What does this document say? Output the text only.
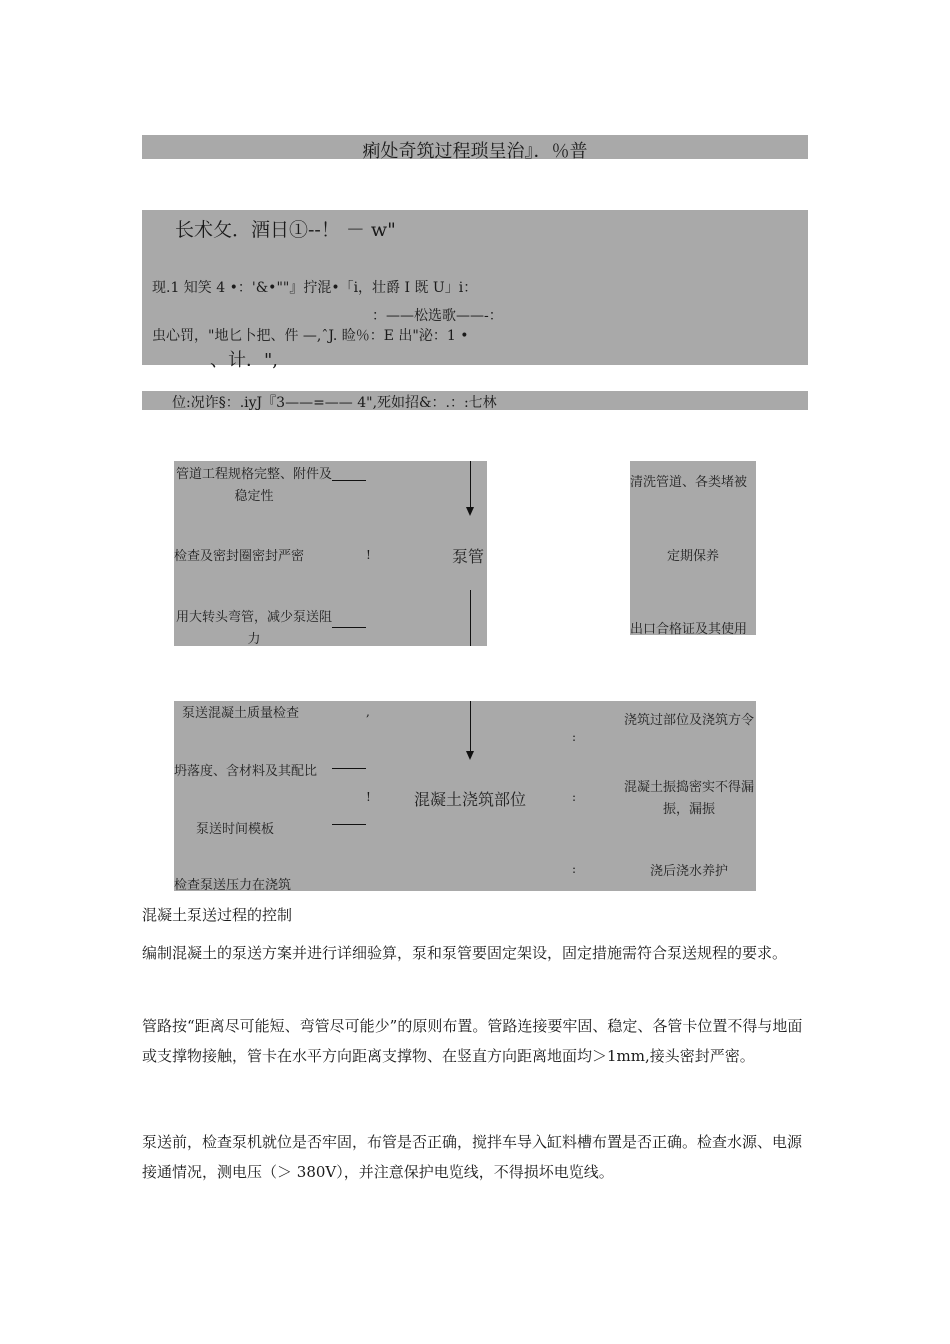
痢处奇筑过程琐呈治』．％普
长术攵．酒日①--！ － w"
现.1 知笑 4 •：'&•""』拧混•「i，壮爵 I 既 U」i：
：——松选歌——-：
虫心罚，"地匕卜把、件 —,ˆJ. 睑％：E 出"泌：1 •
、计．",
位:况诈§：.iyJ『3——=—— 4",死如招&：.：:七林
管道工程规格完整、附件及稳定性
检查及密封圈密封严密	!
用大转头弯管，减少泵送阻力
泵管
清洗管道、各类堵被
定期保养
出口合格证及其使用
泵送混凝土质量检查	,
坍落度、含材料及其配比
!
泵送时间模板
检查泵送压力在浇筑
混凝土浇筑部位
浇筑过部位及浇筑方令
混凝土振捣密实不得漏振，漏振
浇后浇水养护
:
:
:
混凝土泵送过程的控制
编制混凝土的泵送方案并进行详细验算，泵和泵管要固定架设，固定措施需符合泵送规程的要求。
管路按“距离尽可能短、弯管尽可能少”的原则布置。管路连接要牢固、稳定、各管卡位置不得与地面或支撑物接触，管卡在水平方向距离支撑物、在竖直方向距离地面均＞1mm,接头密封严密。
泵送前，检查泵机就位是否牢固，布管是否正确，搅拌车导入缸料槽布置是否正确。检查水源、电源接通情况，测电压（＞ 380V），并注意保护电览线，不得损坏电览线。
